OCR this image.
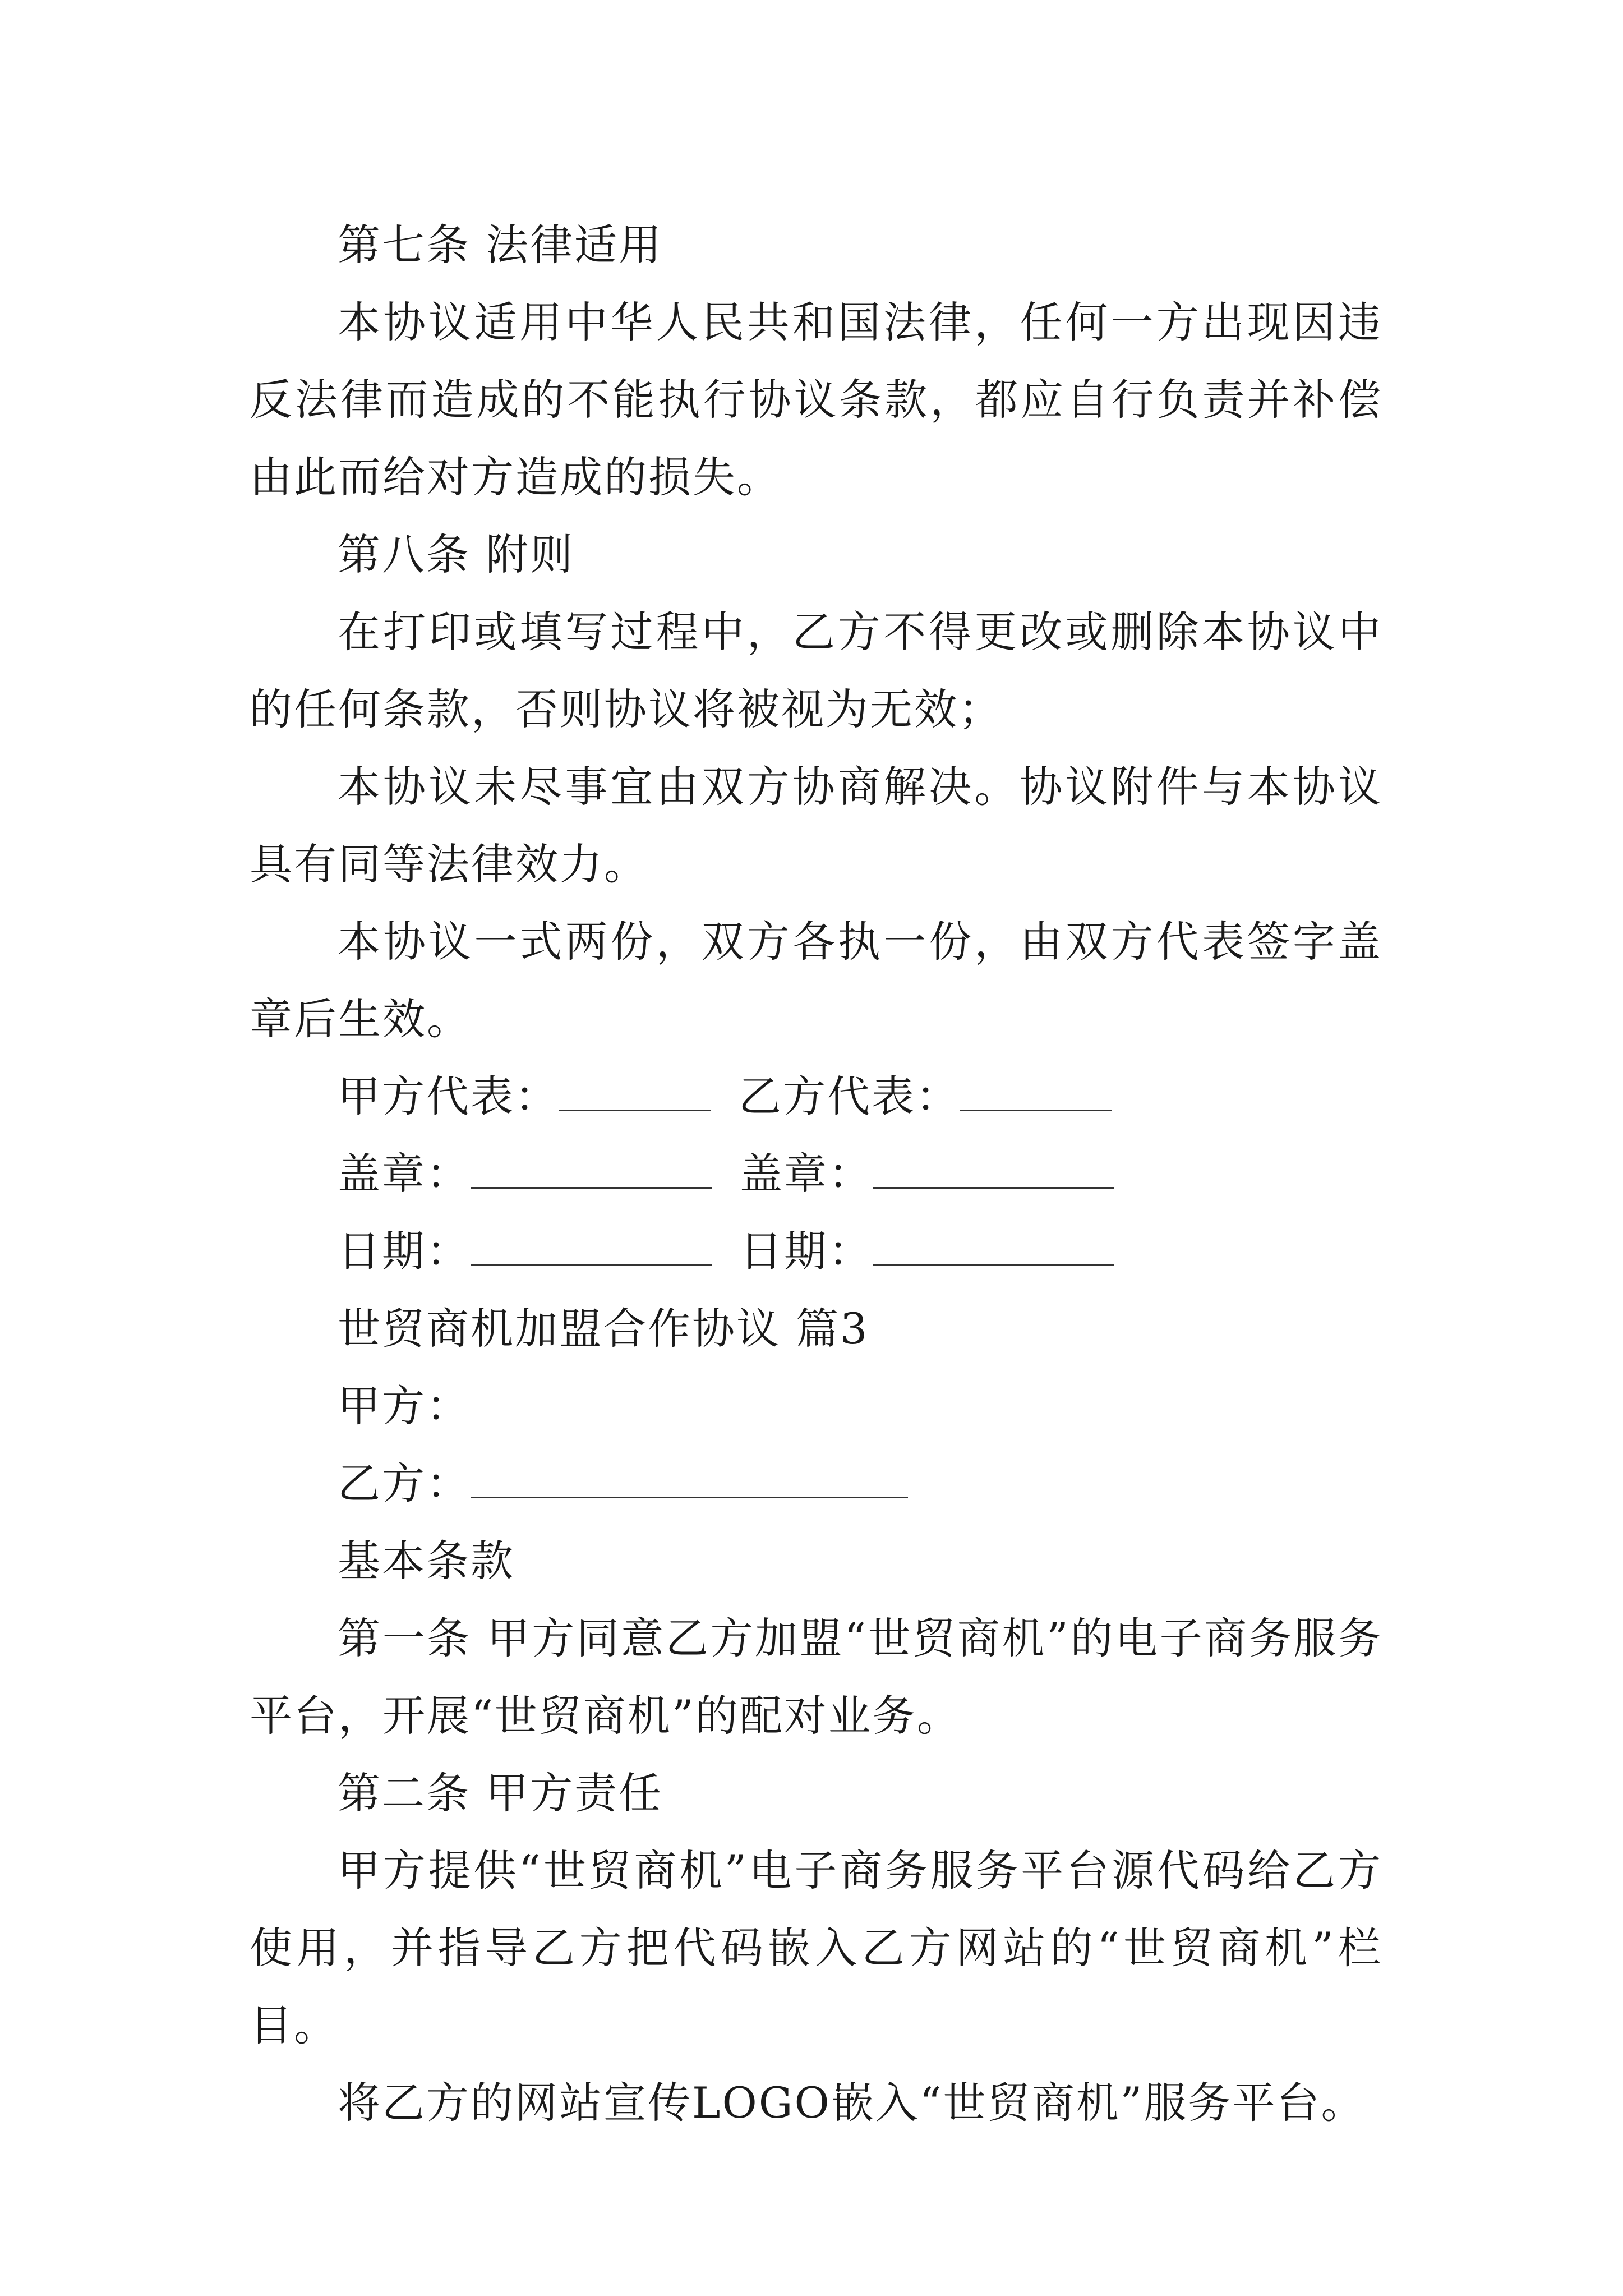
第七条 法律适用

本协议适用中华人民共和国法律，任何一方出现因违反法律而造成的不能执行协议条款，都应自行负责并补偿由此而给对方造成的损失。

第八条 附则

在打印或填写过程中，乙方不得更改或删除本协议中的任何条款，否则协议将被视为无效；

本协议未尽事宜由双方协商解决。协议附件与本协议具有同等法律效力。

本协议一式两份，双方各执一份，由双方代表签字盖章后生效。

甲方代表：	乙方代表：

盖章：	盖章：

日期：	日期：

世贸商机加盟合作协议 篇3

甲方：

乙方：

基本条款

第一条 甲方同意乙方加盟“世贸商机”的电子商务服务平台，开展“世贸商机”的配对业务。

第二条 甲方责任

甲方提供“世贸商机”电子商务服务平台源代码给乙方使用，并指导乙方把代码嵌入乙方网站的“世贸商机”栏目。

将乙方的网站宣传LOGO嵌入“世贸商机”服务平台。
